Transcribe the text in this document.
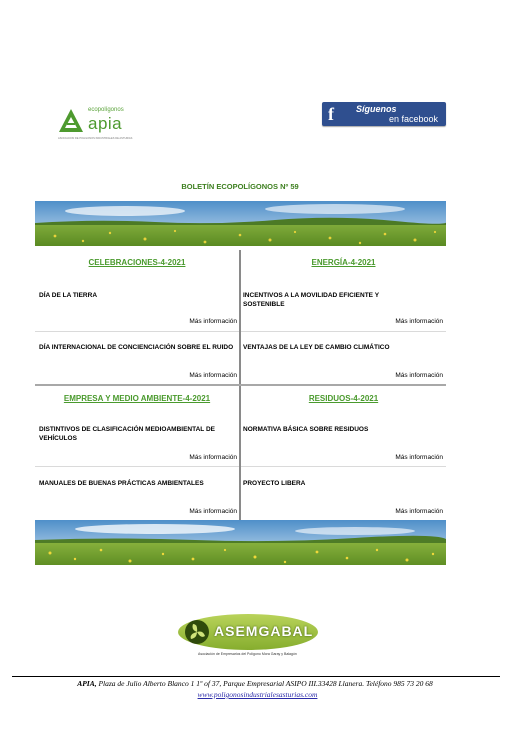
ecopolígonos
apia
ASOCIACIÓN DE POLÍGONOS INDUSTRIALES DE ASTURIAS
f	Síguenos
en facebook
BOLETÍN ECOPOLÍGONOS Nº 59
CELEBRACIONES-4-2021
DÍA DE LA TIERRA
Más información
DÍA INTERNACIONAL DE CONCIENCIACIÓN SOBRE EL RUIDO
Más información
ENERGÍA-4-2021
INCENTIVOS A LA MOVILIDAD EFICIENTE Y SOSTENIBLE
Más información
VENTAJAS DE LA LEY DE CAMBIO CLIMÁTICO
Más información
EMPRESA Y MEDIO AMBIENTE-4-2021
DISTINTIVOS DE CLASIFICACIÓN MEDIOAMBIENTAL DE VEHÍCULOS
Más información
MANUALES DE BUENAS PRÁCTICAS AMBIENTALES
Más información
RESIDUOS-4-2021
NORMATIVA BÁSICA SOBRE RESIDUOS
Más información
PROYECTO LIBERA
Más información
ASEMGABAL
Asociación de Empresarios del Polígono Mora Garay y Balagón
APIA, Plaza de Julio Alberto Blanco 1 1º of 37, Parque Empresarial ASIPO III.33428 Llanera. Teléfono 985 73 20 68
www.poligonosindustrialesasturias.com
